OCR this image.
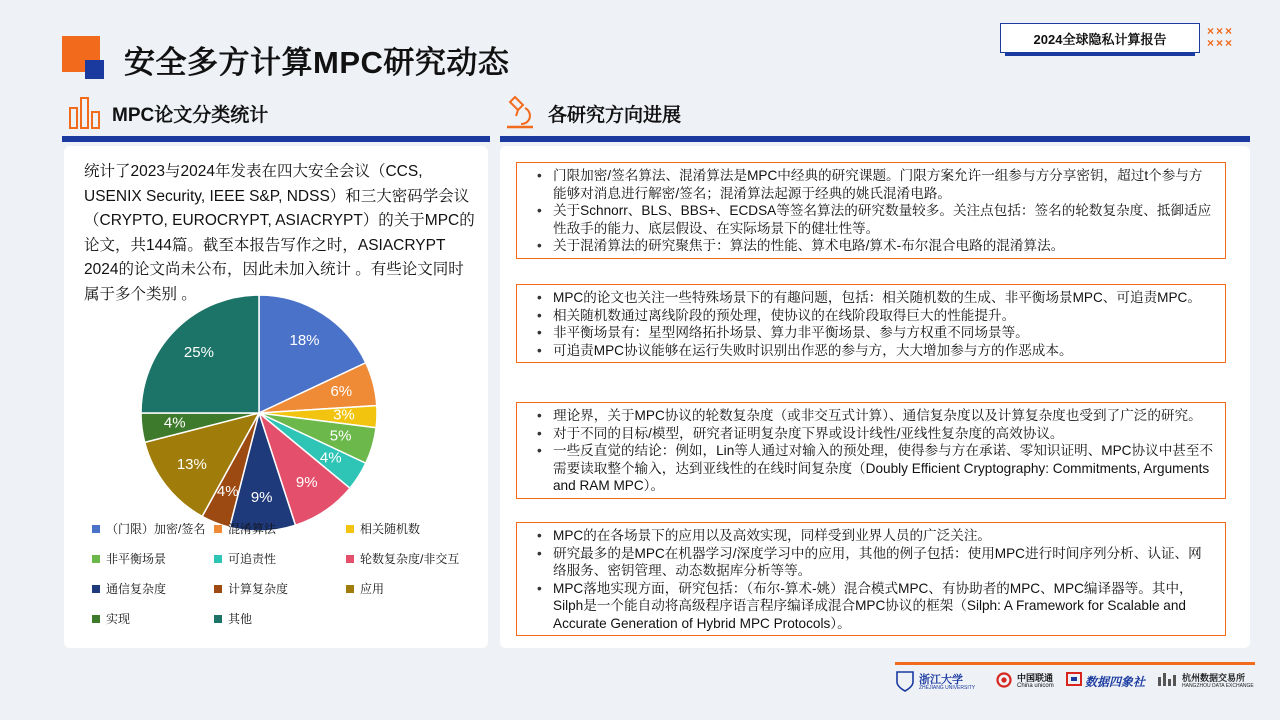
安全多方计算MPC研究动态
2024全球隐私计算报告
×××
×××
MPC论文分类统计	各研究方向进展
统计了2023与2024年发表在四大安全会议（CCS, USENIX Security, IEEE S&P, NDSS）和三大密码学会议（CRYPTO, EUROCRYPT, ASIACRYPT）的关于MPC的论文，共144篇。截至本报告写作之时，ASIACRYPT 2024的论文尚未公布，因此未加入统计 。有些论文同时属于多个类别 。
18%
6%
3%
5%
4%
9%
9%
4%
13%
4%
25%
（门限）加密/签名 混淆算法	相关随机数
非平衡场景	可追责性	轮数复杂度/非交互
通信复杂度	计算复杂度	应用
实现	其他
• 门限加密/签名算法、混淆算法是MPC中经典的研究课题。门限方案允许一组参与方分享密钥，超过t个参与方能够对消息进行解密/签名；混淆算法起源于经典的姚氏混淆电路。
• 关于Schnorr、BLS、BBS+、ECDSA等签名算法的研究数量较多。关注点包括：签名的轮数复杂度、抵御适应性敌手的能力、底层假设、在实际场景下的健壮性等。
• 关于混淆算法的研究聚焦于：算法的性能、算术电路/算术-布尔混合电路的混淆算法。
• MPC的论文也关注一些特殊场景下的有趣问题，包括：相关随机数的生成、非平衡场景MPC、可追责MPC。
• 相关随机数通过离线阶段的预处理，使协议的在线阶段取得巨大的性能提升。
• 非平衡场景有：星型网络拓扑场景、算力非平衡场景、参与方权重不同场景等。
• 可追责MPC协议能够在运行失败时识别出作恶的参与方，大大增加参与方的作恶成本。
• 理论界，关于MPC协议的轮数复杂度（或非交互式计算）、通信复杂度以及计算复杂度也受到了广泛的研究。
• 对于不同的目标/模型，研究者证明复杂度下界或设计线性/亚线性复杂度的高效协议。
• 一些反直觉的结论：例如，Lin等人通过对输入的预处理，使得参与方在承诺、零知识证明、MPC协议中甚至不需要读取整个输入，达到亚线性的在线时间复杂度（Doubly Efficient Cryptography: Commitments, Arguments and RAM MPC）。
• MPC的在各场景下的应用以及高效实现，同样受到业界人员的广泛关注。
• 研究最多的是MPC在机器学习/深度学习中的应用，其他的例子包括：使用MPC进行时间序列分析、认证、网络服务、密钥管理、动态数据库分析等等。
• MPC落地实现方面，研究包括：（布尔-算术-姚）混合模式MPC、有协助者的MPC、MPC编译器等。其中，Silph是一个能自动将高级程序语言程序编译成混合MPC协议的框架（Silph: A Framework for Scalable and Accurate Generation of Hybrid MPC Protocols）。
浙江大学
ZHEJIANG UNIVERSITY
中国联通
China unicom	数据四象社	杭州数据交易所
HANGZHOU DATA EXCHANGE
